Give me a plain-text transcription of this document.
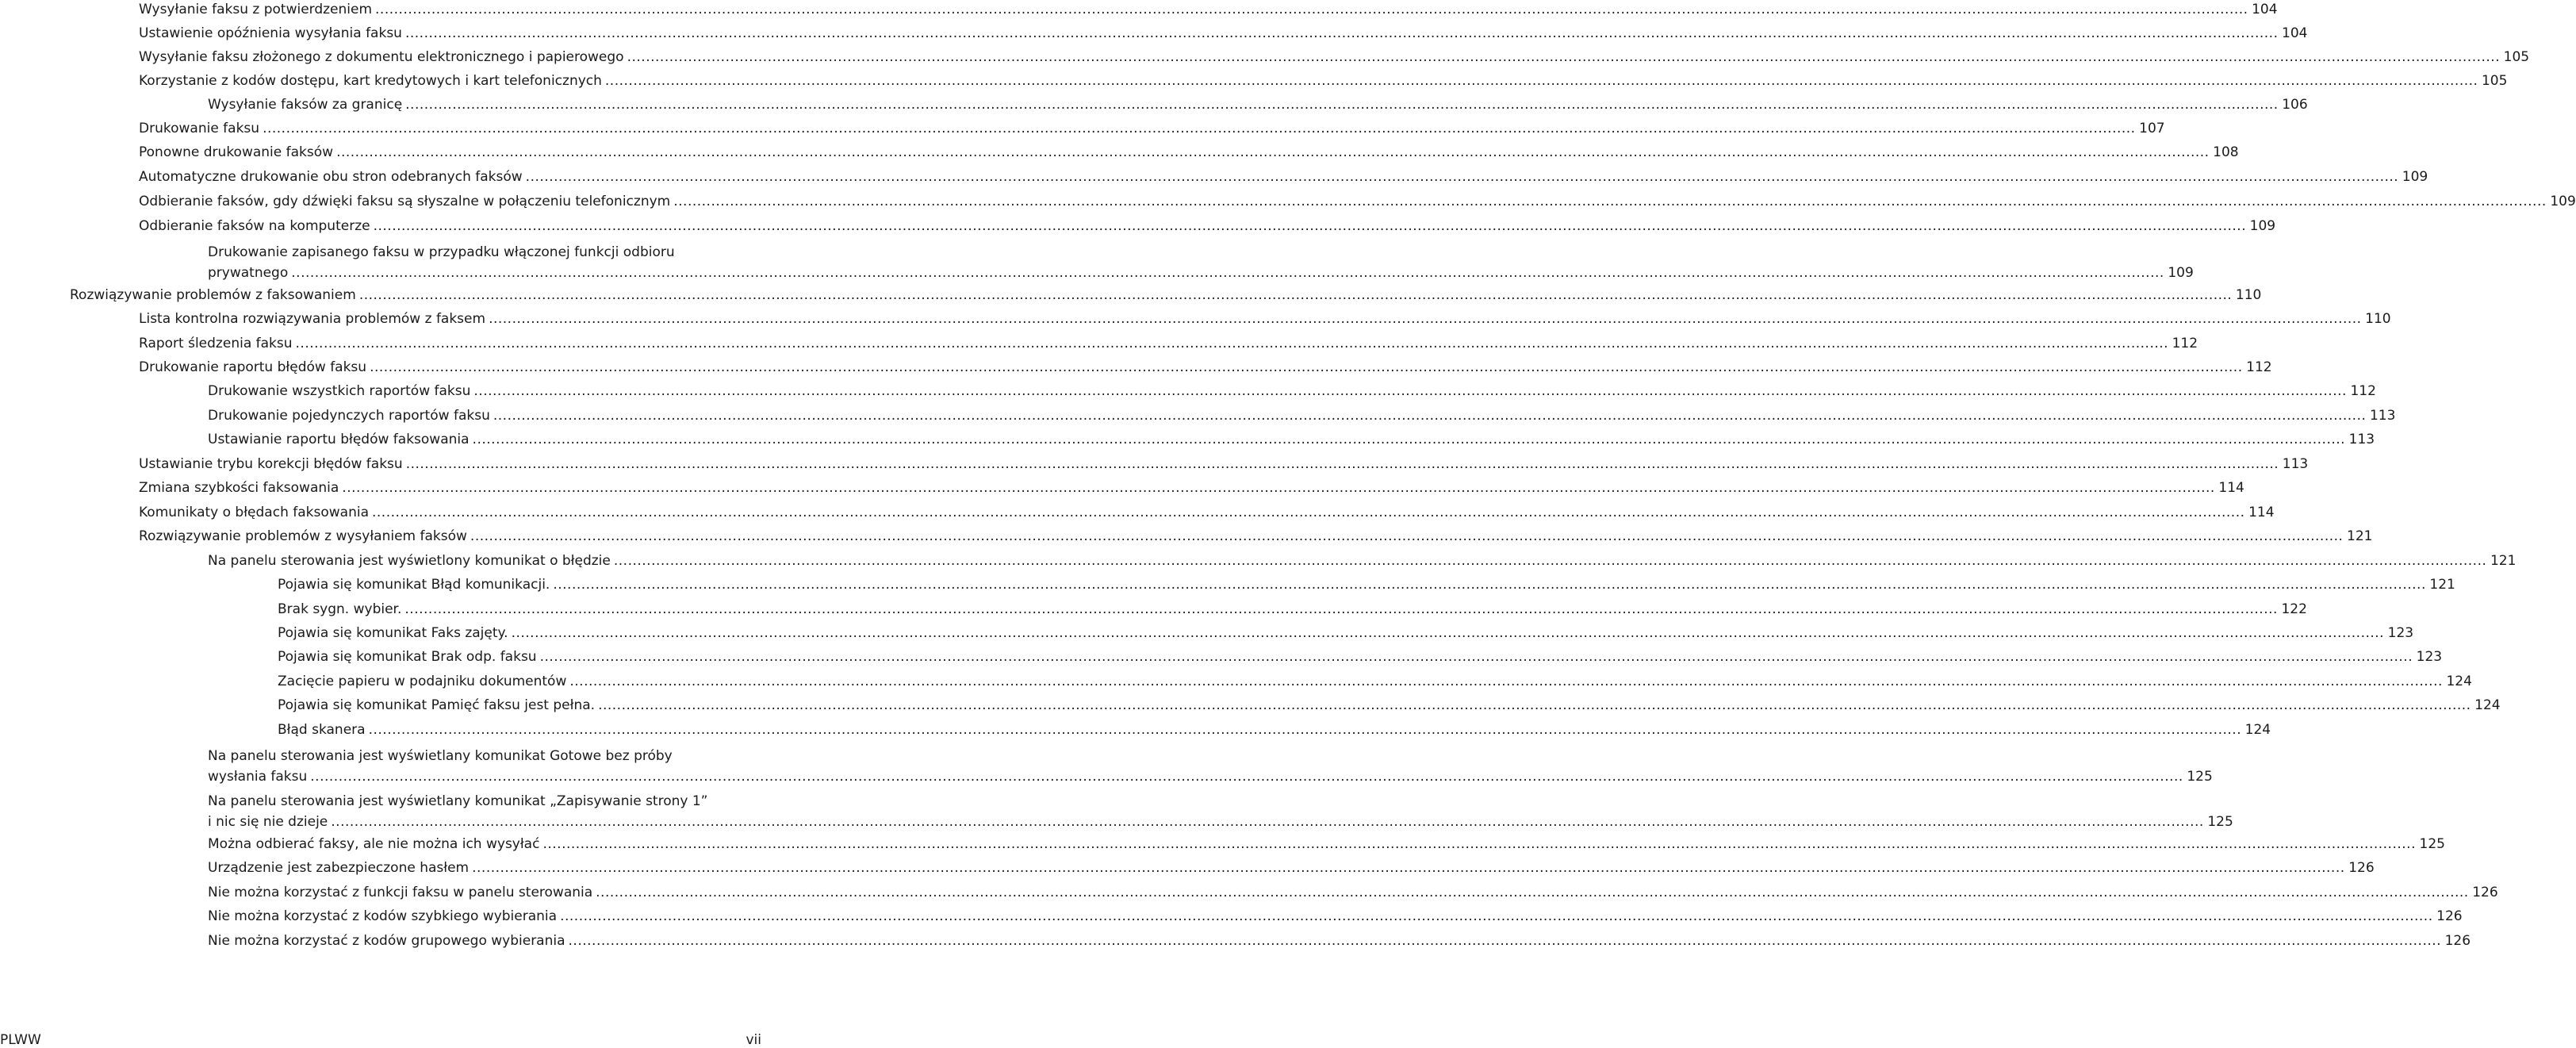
Wysyłanie faksu z potwierdzeniem ................................................................................................................................................................................................................................................................................................................................................................................................................ 104
Ustawienie opóźnienia wysyłania faksu ................................................................................................................................................................................................................................................................................................................................................................................................................ 104
Wysyłanie faksu złożonego z dokumentu elektronicznego i papierowego ................................................................................................................................................................................................................................................................................................................................................................................................................ 105
Korzystanie z kodów dostępu, kart kredytowych i kart telefonicznych ................................................................................................................................................................................................................................................................................................................................................................................................................ 105
Wysyłanie faksów za granicę ................................................................................................................................................................................................................................................................................................................................................................................................................ 106
Drukowanie faksu ................................................................................................................................................................................................................................................................................................................................................................................................................ 107
Ponowne drukowanie faksów ................................................................................................................................................................................................................................................................................................................................................................................................................ 108
Automatyczne drukowanie obu stron odebranych faksów ................................................................................................................................................................................................................................................................................................................................................................................................................ 109
Odbieranie faksów, gdy dźwięki faksu są słyszalne w połączeniu telefonicznym ................................................................................................................................................................................................................................................................................................................................................................................................................ 109
Odbieranie faksów na komputerze ................................................................................................................................................................................................................................................................................................................................................................................................................ 109
Drukowanie zapisanego faksu w przypadku włączonej funkcji odbioru
prywatnego ................................................................................................................................................................................................................................................................................................................................................................................................................ 109
Rozwiązywanie problemów z faksowaniem ................................................................................................................................................................................................................................................................................................................................................................................................................ 110
Lista kontrolna rozwiązywania problemów z faksem ................................................................................................................................................................................................................................................................................................................................................................................................................ 110
Raport śledzenia faksu ................................................................................................................................................................................................................................................................................................................................................................................................................ 112
Drukowanie raportu błędów faksu ................................................................................................................................................................................................................................................................................................................................................................................................................ 112
Drukowanie wszystkich raportów faksu ................................................................................................................................................................................................................................................................................................................................................................................................................ 112
Drukowanie pojedynczych raportów faksu ................................................................................................................................................................................................................................................................................................................................................................................................................ 113
Ustawianie raportu błędów faksowania ................................................................................................................................................................................................................................................................................................................................................................................................................ 113
Ustawianie trybu korekcji błędów faksu ................................................................................................................................................................................................................................................................................................................................................................................................................ 113
Zmiana szybkości faksowania ................................................................................................................................................................................................................................................................................................................................................................................................................ 114
Komunikaty o błędach faksowania ................................................................................................................................................................................................................................................................................................................................................................................................................ 114
Rozwiązywanie problemów z wysyłaniem faksów ................................................................................................................................................................................................................................................................................................................................................................................................................ 121
Na panelu sterowania jest wyświetlony komunikat o błędzie ................................................................................................................................................................................................................................................................................................................................................................................................................ 121
Pojawia się komunikat Błąd komunikacji. ................................................................................................................................................................................................................................................................................................................................................................................................................ 121
Brak sygn. wybier. ................................................................................................................................................................................................................................................................................................................................................................................................................ 122
Pojawia się komunikat Faks zajęty. ................................................................................................................................................................................................................................................................................................................................................................................................................ 123
Pojawia się komunikat Brak odp. faksu ................................................................................................................................................................................................................................................................................................................................................................................................................ 123
Zacięcie papieru w podajniku dokumentów ................................................................................................................................................................................................................................................................................................................................................................................................................ 124
Pojawia się komunikat Pamięć faksu jest pełna. ................................................................................................................................................................................................................................................................................................................................................................................................................ 124
Błąd skanera ................................................................................................................................................................................................................................................................................................................................................................................................................ 124
Na panelu sterowania jest wyświetlany komunikat Gotowe bez próby
wysłania faksu ................................................................................................................................................................................................................................................................................................................................................................................................................ 125
Na panelu sterowania jest wyświetlany komunikat „Zapisywanie strony 1”
i nic się nie dzieje ................................................................................................................................................................................................................................................................................................................................................................................................................ 125
Można odbierać faksy, ale nie można ich wysyłać ................................................................................................................................................................................................................................................................................................................................................................................................................ 125
Urządzenie jest zabezpieczone hasłem ................................................................................................................................................................................................................................................................................................................................................................................................................ 126
Nie można korzystać z funkcji faksu w panelu sterowania ................................................................................................................................................................................................................................................................................................................................................................................................................ 126
Nie można korzystać z kodów szybkiego wybierania ................................................................................................................................................................................................................................................................................................................................................................................................................ 126
Nie można korzystać z kodów grupowego wybierania ................................................................................................................................................................................................................................................................................................................................................................................................................ 126
PLWW	vii
